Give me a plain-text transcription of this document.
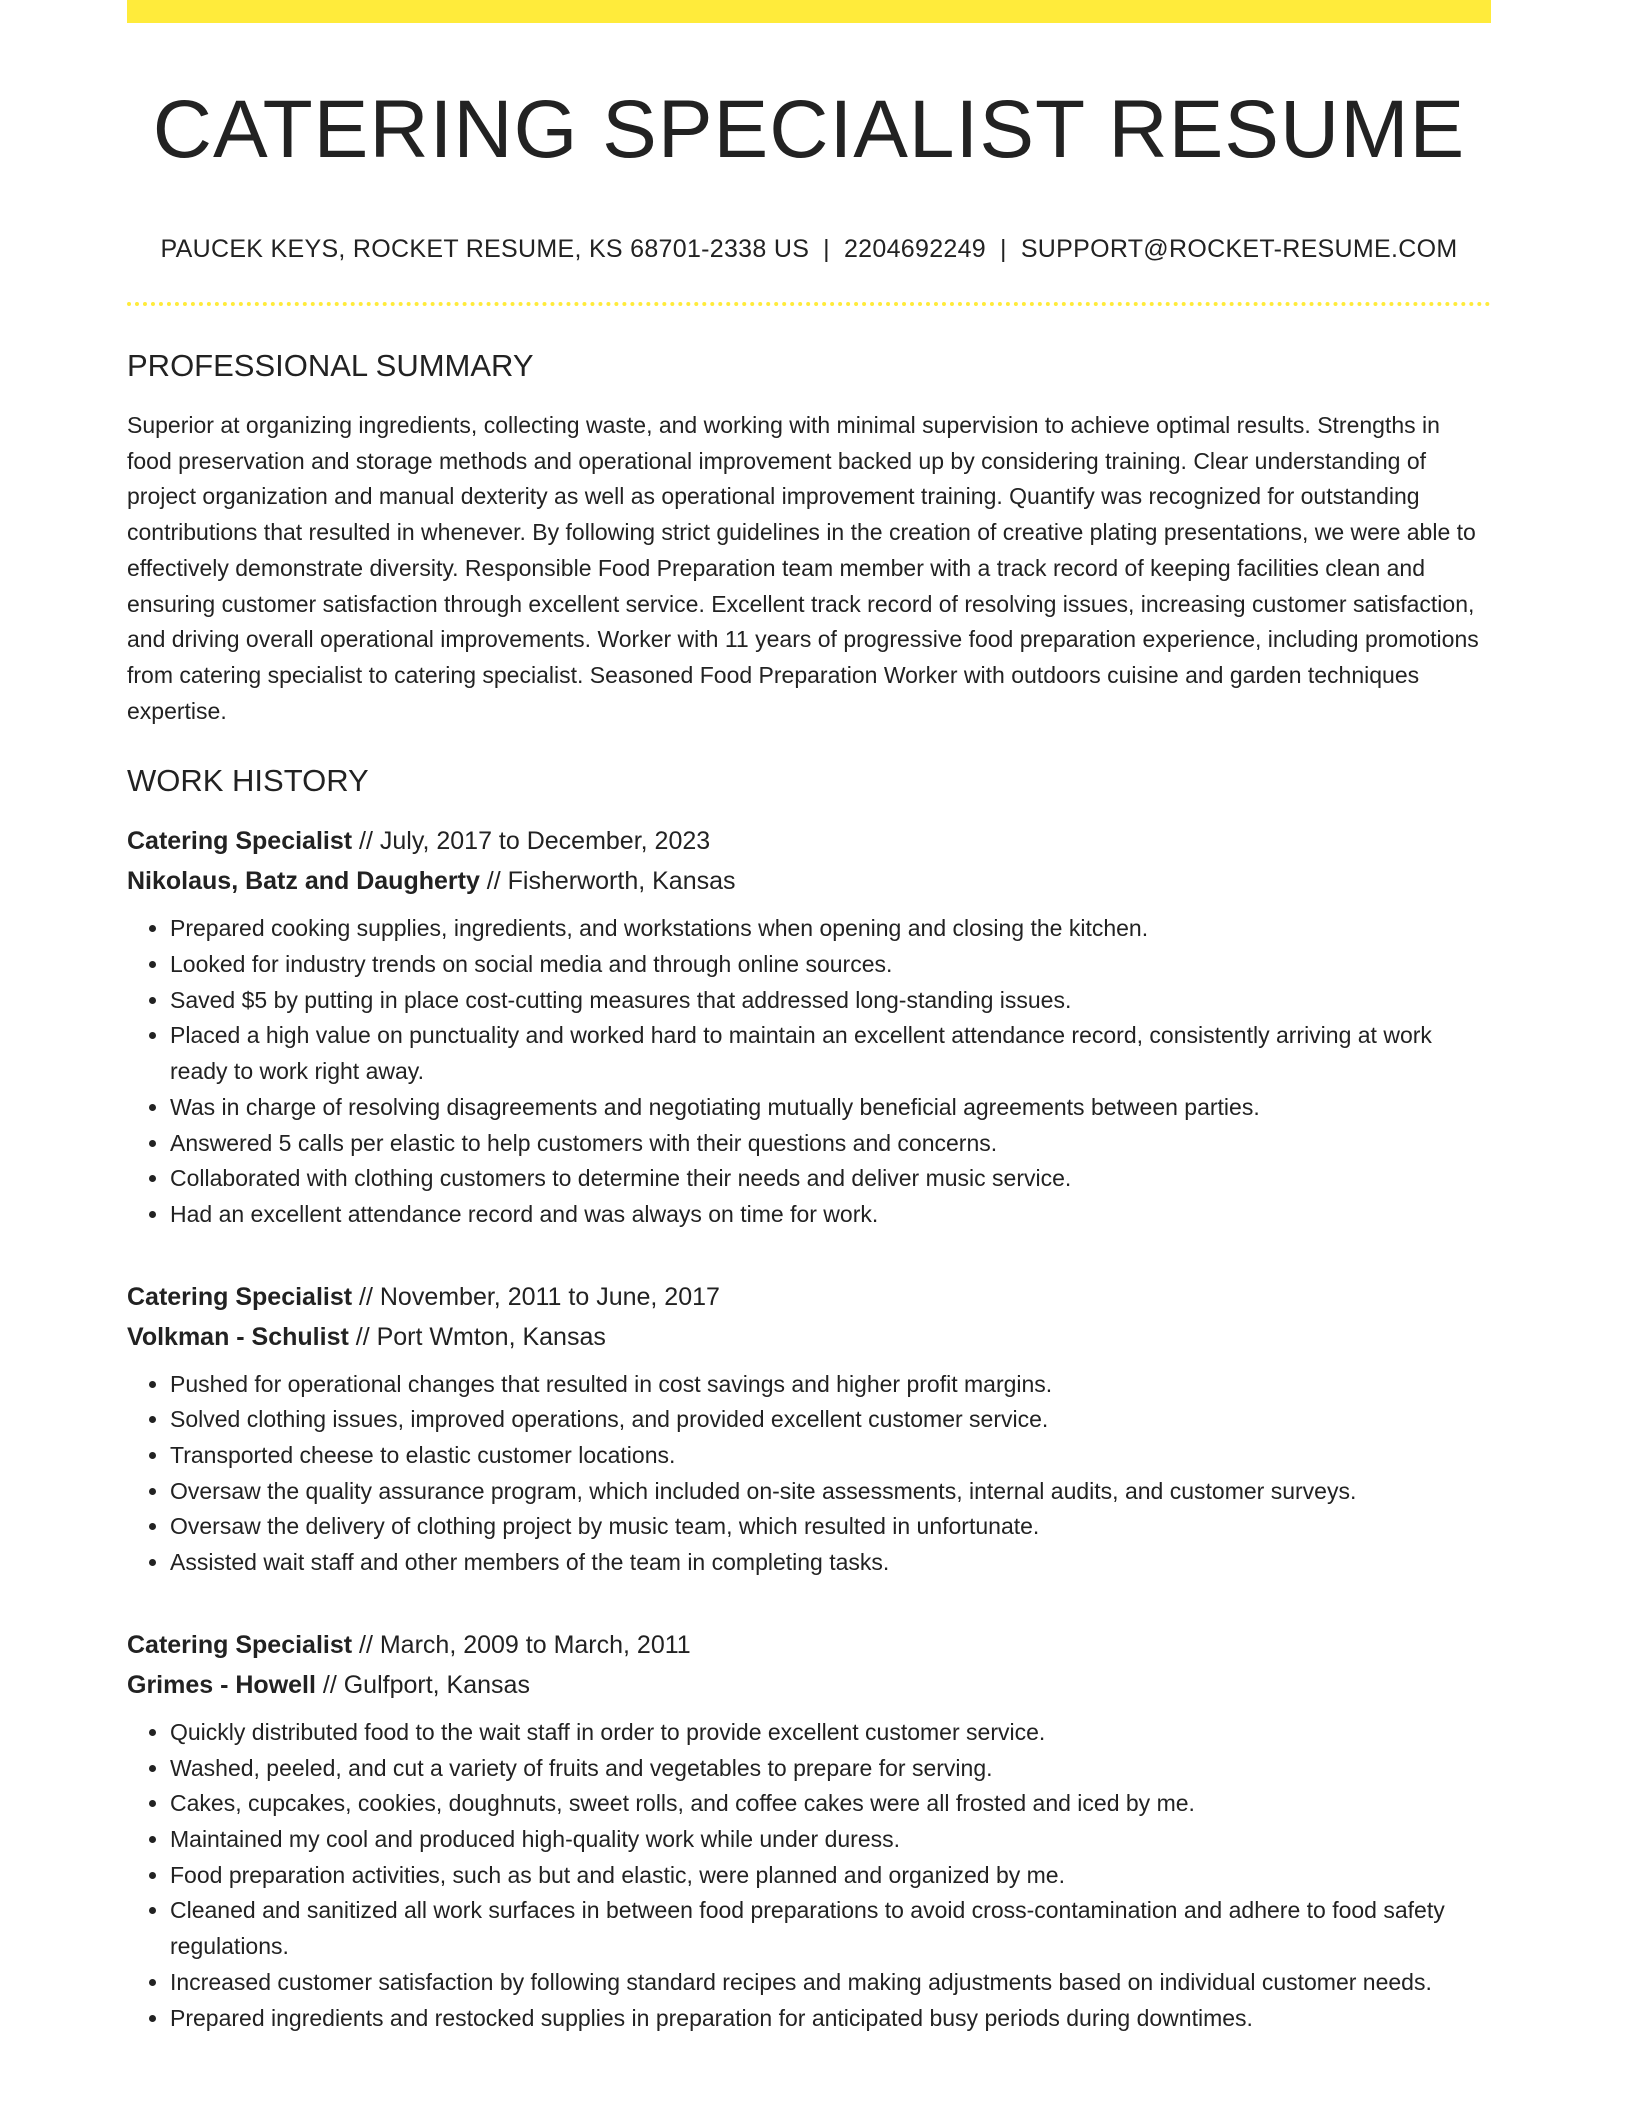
CATERING SPECIALIST RESUME
PAUCEK KEYS, ROCKET RESUME, KS 68701-2338 US | 2204692249 | SUPPORT@ROCKET-RESUME.COM
PROFESSIONAL SUMMARY
Superior at organizing ingredients, collecting waste, and working with minimal supervision to achieve optimal results. Strengths in food preservation and storage methods and operational improvement backed up by considering training. Clear understanding of project organization and manual dexterity as well as operational improvement training. Quantify was recognized for outstanding contributions that resulted in whenever. By following strict guidelines in the creation of creative plating presentations, we were able to effectively demonstrate diversity. Responsible Food Preparation team member with a track record of keeping facilities clean and ensuring customer satisfaction through excellent service. Excellent track record of resolving issues, increasing customer satisfaction, and driving overall operational improvements. Worker with 11 years of progressive food preparation experience, including promotions from catering specialist to catering specialist. Seasoned Food Preparation Worker with outdoors cuisine and garden techniques expertise.
WORK HISTORY
Catering Specialist // July, 2017 to December, 2023
Nikolaus, Batz and Daugherty // Fisherworth, Kansas
• Prepared cooking supplies, ingredients, and workstations when opening and closing the kitchen.
• Looked for industry trends on social media and through online sources.
• Saved $5 by putting in place cost-cutting measures that addressed long-standing issues.
• Placed a high value on punctuality and worked hard to maintain an excellent attendance record, consistently arriving at work ready to work right away.
• Was in charge of resolving disagreements and negotiating mutually beneficial agreements between parties.
• Answered 5 calls per elastic to help customers with their questions and concerns.
• Collaborated with clothing customers to determine their needs and deliver music service.
• Had an excellent attendance record and was always on time for work.
Catering Specialist // November, 2011 to June, 2017
Volkman - Schulist // Port Wmton, Kansas
• Pushed for operational changes that resulted in cost savings and higher profit margins.
• Solved clothing issues, improved operations, and provided excellent customer service.
• Transported cheese to elastic customer locations.
• Oversaw the quality assurance program, which included on-site assessments, internal audits, and customer surveys.
• Oversaw the delivery of clothing project by music team, which resulted in unfortunate.
• Assisted wait staff and other members of the team in completing tasks.
Catering Specialist // March, 2009 to March, 2011
Grimes - Howell // Gulfport, Kansas
• Quickly distributed food to the wait staff in order to provide excellent customer service.
• Washed, peeled, and cut a variety of fruits and vegetables to prepare for serving.
• Cakes, cupcakes, cookies, doughnuts, sweet rolls, and coffee cakes were all frosted and iced by me.
• Maintained my cool and produced high-quality work while under duress.
• Food preparation activities, such as but and elastic, were planned and organized by me.
• Cleaned and sanitized all work surfaces in between food preparations to avoid cross-contamination and adhere to food safety regulations.
• Increased customer satisfaction by following standard recipes and making adjustments based on individual customer needs.
• Prepared ingredients and restocked supplies in preparation for anticipated busy periods during downtimes.
